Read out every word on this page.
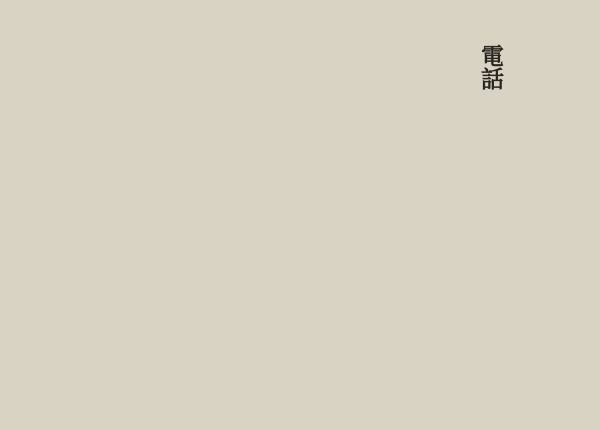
電話
